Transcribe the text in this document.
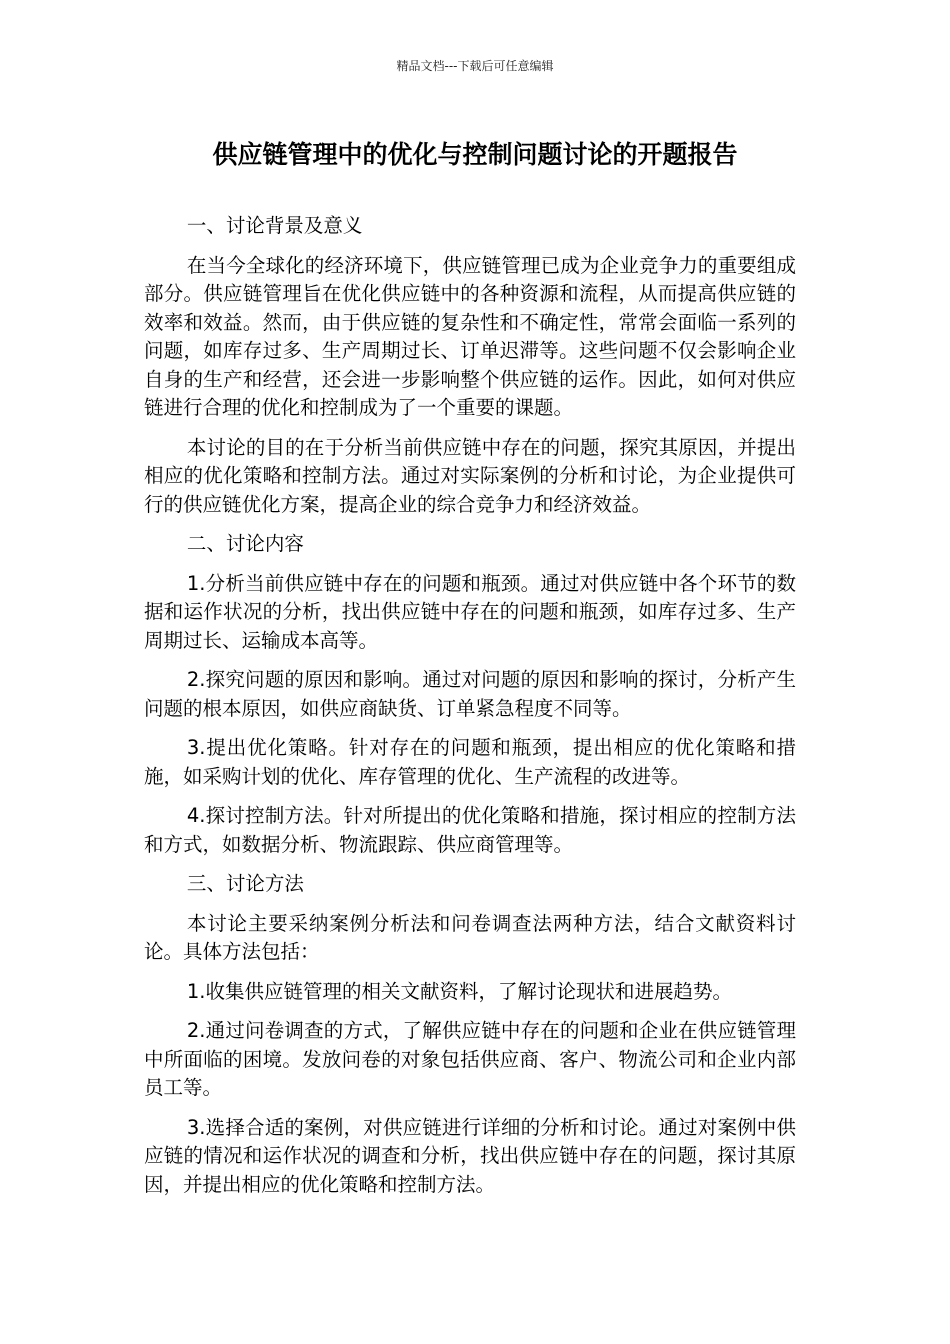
精品文档---下载后可任意编辑
供应链管理中的优化与控制问题讨论的开题报告

一、讨论背景及意义

在当今全球化的经济环境下，供应链管理已成为企业竞争力的重要组成部分。供应链管理旨在优化供应链中的各种资源和流程，从而提高供应链的效率和效益。然而，由于供应链的复杂性和不确定性，常常会面临一系列的问题，如库存过多、生产周期过长、订单迟滞等。这些问题不仅会影响企业自身的生产和经营，还会进一步影响整个供应链的运作。因此，如何对供应链进行合理的优化和控制成为了一个重要的课题。

本讨论的目的在于分析当前供应链中存在的问题，探究其原因，并提出相应的优化策略和控制方法。通过对实际案例的分析和讨论，为企业提供可行的供应链优化方案，提高企业的综合竞争力和经济效益。

二、讨论内容

1.分析当前供应链中存在的问题和瓶颈。通过对供应链中各个环节的数据和运作状况的分析，找出供应链中存在的问题和瓶颈，如库存过多、生产周期过长、运输成本高等。

2.探究问题的原因和影响。通过对问题的原因和影响的探讨，分析产生问题的根本原因，如供应商缺货、订单紧急程度不同等。

3.提出优化策略。针对存在的问题和瓶颈，提出相应的优化策略和措施，如采购计划的优化、库存管理的优化、生产流程的改进等。

4.探讨控制方法。针对所提出的优化策略和措施，探讨相应的控制方法和方式，如数据分析、物流跟踪、供应商管理等。

三、讨论方法

本讨论主要采纳案例分析法和问卷调查法两种方法，结合文献资料讨论。具体方法包括：

1.收集供应链管理的相关文献资料，了解讨论现状和进展趋势。

2.通过问卷调查的方式，了解供应链中存在的问题和企业在供应链管理中所面临的困境。发放问卷的对象包括供应商、客户、物流公司和企业内部员工等。

3.选择合适的案例，对供应链进行详细的分析和讨论。通过对案例中供应链的情况和运作状况的调查和分析，找出供应链中存在的问题，探讨其原因，并提出相应的优化策略和控制方法。
